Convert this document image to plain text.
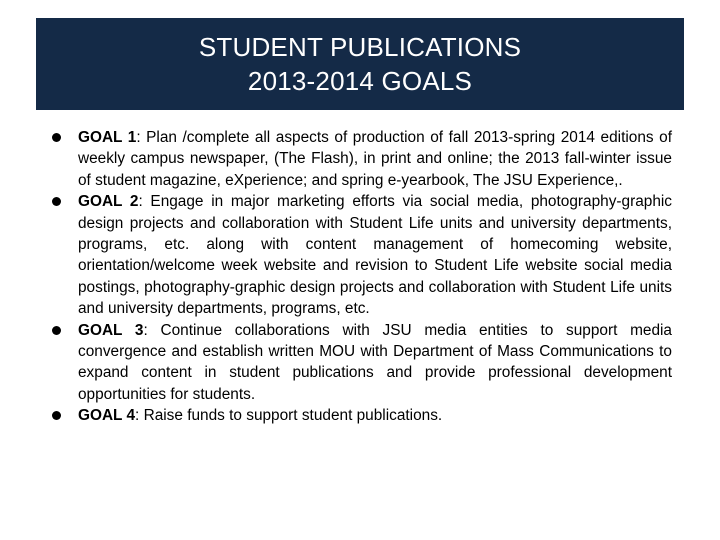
STUDENT PUBLICATIONS
2013-2014 GOALS
GOAL 1: Plan /complete all aspects of production of fall 2013-spring 2014 editions of weekly campus newspaper, (The Flash), in print and online; the 2013 fall-winter issue of student magazine, eXperience; and spring e-yearbook, The JSU Experience,.
GOAL 2: Engage in major marketing efforts via social media, photography-graphic design projects and collaboration with Student Life units and university departments, programs, etc. along with content management of homecoming website, orientation/welcome week website and revision to Student Life website social media postings, photography-graphic design projects and collaboration with Student Life units and university departments, programs, etc.
GOAL 3: Continue collaborations with JSU media entities to support media convergence and establish written MOU with Department of Mass Communications to expand content in student publications and provide professional development opportunities for students.
GOAL 4: Raise funds to support student publications.
